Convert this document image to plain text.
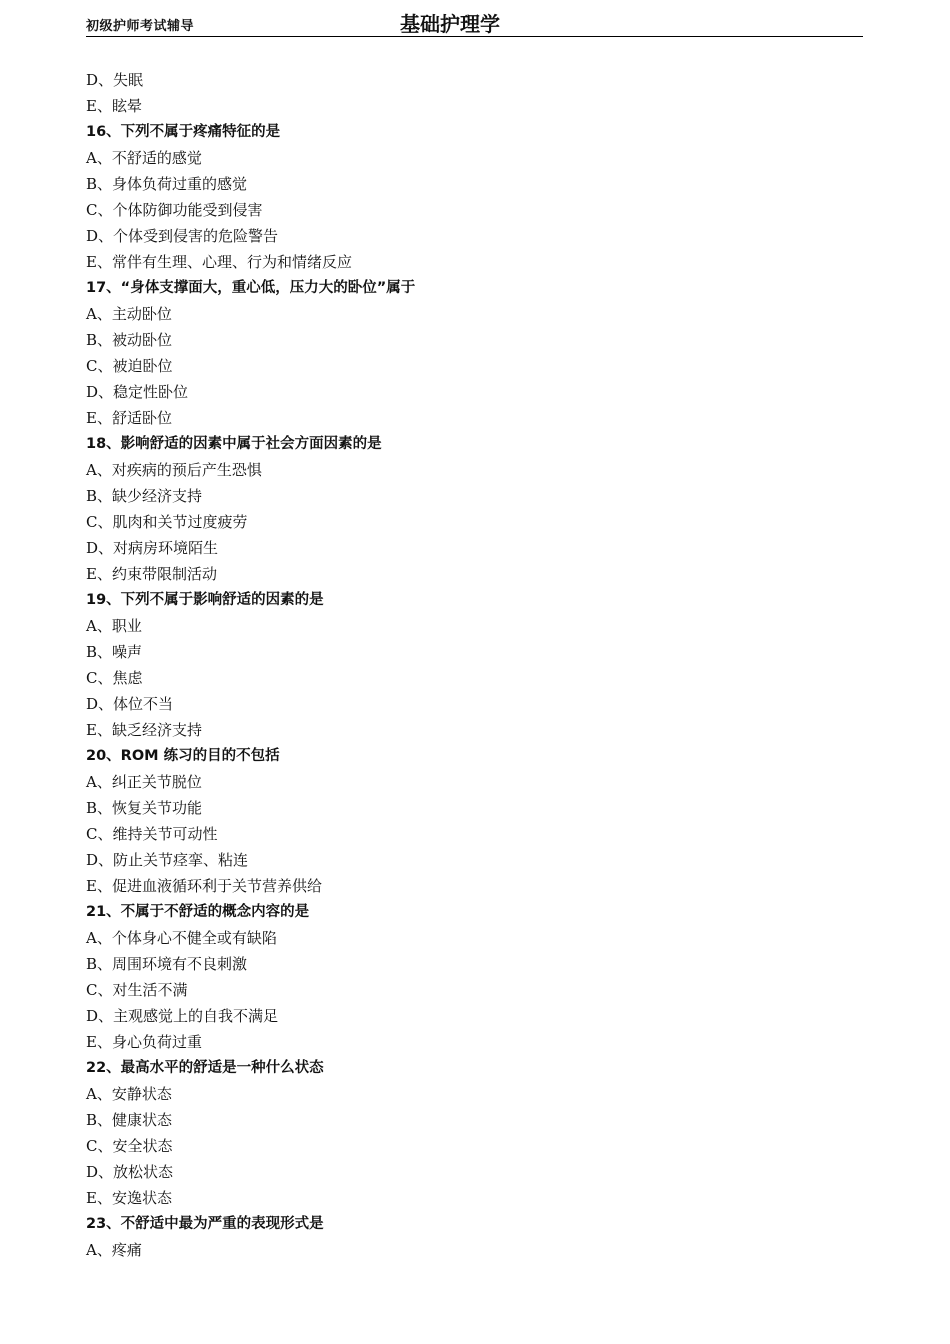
初级护师考试辅导	基础护理学
D、失眠
E、眩晕
16、下列不属于疼痛特征的是
A、不舒适的感觉
B、身体负荷过重的感觉
C、个体防御功能受到侵害
D、个体受到侵害的危险警告
E、常伴有生理、心理、行为和情绪反应
17、“身体支撑面大，重心低，压力大的卧位”属于
A、主动卧位
B、被动卧位
C、被迫卧位
D、稳定性卧位
E、舒适卧位
18、影响舒适的因素中属于社会方面因素的是
A、对疾病的预后产生恐惧
B、缺少经济支持
C、肌肉和关节过度疲劳
D、对病房环境陌生
E、约束带限制活动
19、下列不属于影响舒适的因素的是
A、职业
B、噪声
C、焦虑
D、体位不当
E、缺乏经济支持
20、ROM 练习的目的不包括
A、纠正关节脱位
B、恢复关节功能
C、维持关节可动性
D、防止关节痉挛、粘连
E、促进血液循环利于关节营养供给
21、不属于不舒适的概念内容的是
A、个体身心不健全或有缺陷
B、周围环境有不良刺激
C、对生活不满
D、主观感觉上的自我不满足
E、身心负荷过重
22、最高水平的舒适是一种什么状态
A、安静状态
B、健康状态
C、安全状态
D、放松状态
E、安逸状态
23、不舒适中最为严重的表现形式是
A、疼痛
